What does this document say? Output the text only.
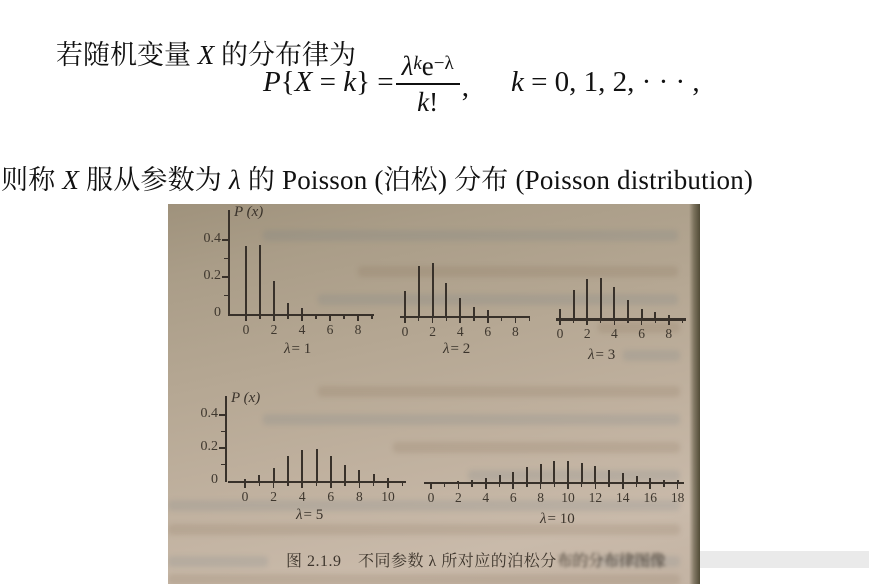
若随机变量 X 的分布律为

$P\{X = k\} = \frac{\lambda^ke^{-\lambda}}{k!}$ , k = 0, 1, 2, · · · ,

则称 X 服从参数为 λ 的 Poisson (泊松) 分布 (Poisson distribution)

0	2	4	6	8
0
0.2
0.4
P (x)
λ= 1
0	2	4	6	8
λ= 2
0	2	4	6	8
λ= 3
0	2	4	6	8	10
0
0.2
0.4
P (x)
λ= 5
0	2	4	6	8	10	12	14	16	18
λ= 10
图 2.1.9　不同参数 λ 所对应的泊松分布的分布律图像
